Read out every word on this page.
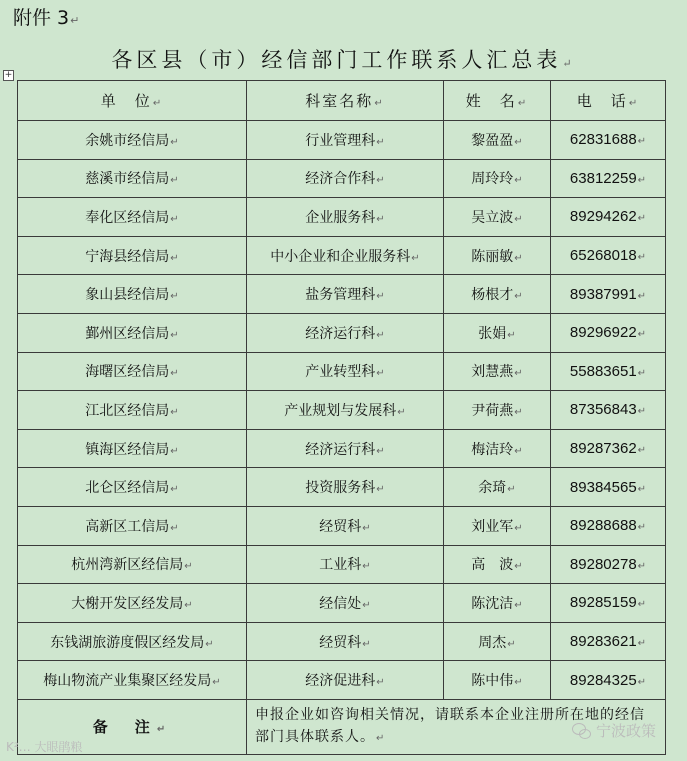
附件 3↵
各区县（市）经信部门工作联系人汇总表↵
+
单　位↵	科室名称↵	姓　名↵	电　话↵
余姚市经信局↵	行业管理科↵	黎盈盈↵	62831688↵
慈溪市经信局↵	经济合作科↵	周玲玲↵	63812259↵
奉化区经信局↵	企业服务科↵	吴立波↵	89294262↵
宁海县经信局↵	中小企业和企业服务科↵	陈丽敏↵	65268018↵
象山县经信局↵	盐务管理科↵	杨根才↵	89387991↵
鄞州区经信局↵	经济运行科↵	张娟↵	89296922↵
海曙区经信局↵	产业转型科↵	刘慧燕↵	55883651↵
江北区经信局↵	产业规划与发展科↵	尹荷燕↵	87356843↵
镇海区经信局↵	经济运行科↵	梅洁玲↵	89287362↵
北仑区经信局↵	投资服务科↵	余琦↵	89384565↵
高新区工信局↵	经贸科↵	刘业军↵	89288688↵
杭州湾新区经信局↵	工业科↵	高　波↵	89280278↵
大榭开发区经发局↵	经信处↵	陈沈洁↵	89285159↵
东钱湖旅游度假区经发局↵	经贸科↵	周杰↵	89283621↵
梅山物流产业集聚区经发局↵	经济促进科↵	陈中伟↵	89284325↵
备　注↵	申报企业如咨询相关情况，请联系本企业注册所在地的经信部门具体联系人。↵		
K²… 大眼鹃粮
宁波政策
